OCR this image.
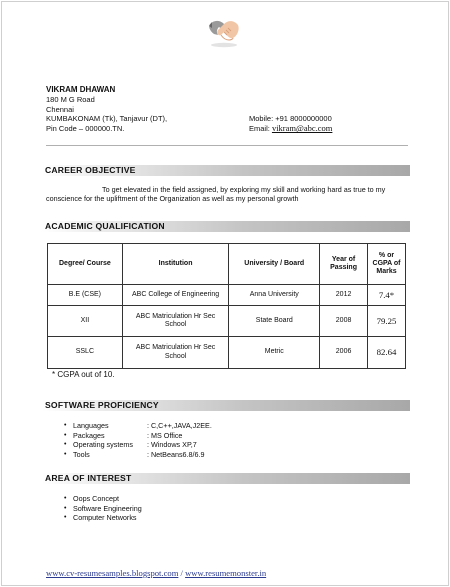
VIKRAM DHAWAN
180 M G Road
Chennai
KUMBAKONAM (Tk), Tanjavur (DT),	Mobile: +91 8000000000
Pin Code – 000000.TN.	Email: vikram@abc.com
CAREER OBJECTIVE
To get elevated in the field assigned, by exploring my skill and working hard as true to my
conscience for the upliftment of the Organization as well as my personal growth
ACADEMIC QUALIFICATION
Degree/ Course	Institution	University / Board	Year of Passing	% or CGPA of Marks
B.E (CSE)	ABC College of Engineering	Anna University	2012	7.4*
XII	ABC Matriculation Hr Sec School	State Board	2008	79.25
SSLC	ABC Matriculation Hr Sec School	Metric	2006	82.64
* CGPA out of 10.
SOFTWARE PROFICIENCY
• Languages	: C,C++,JAVA,J2EE.
• Packages	: MS Office
• Operating systems : Windows XP,7
• Tools	: NetBeans6.8/6.9
AREA OF INTEREST
• Oops Concept
• Software Engineering
• Computer Networks
www.cv-resumesamples.blogspot.com / www.resumemonster.in
